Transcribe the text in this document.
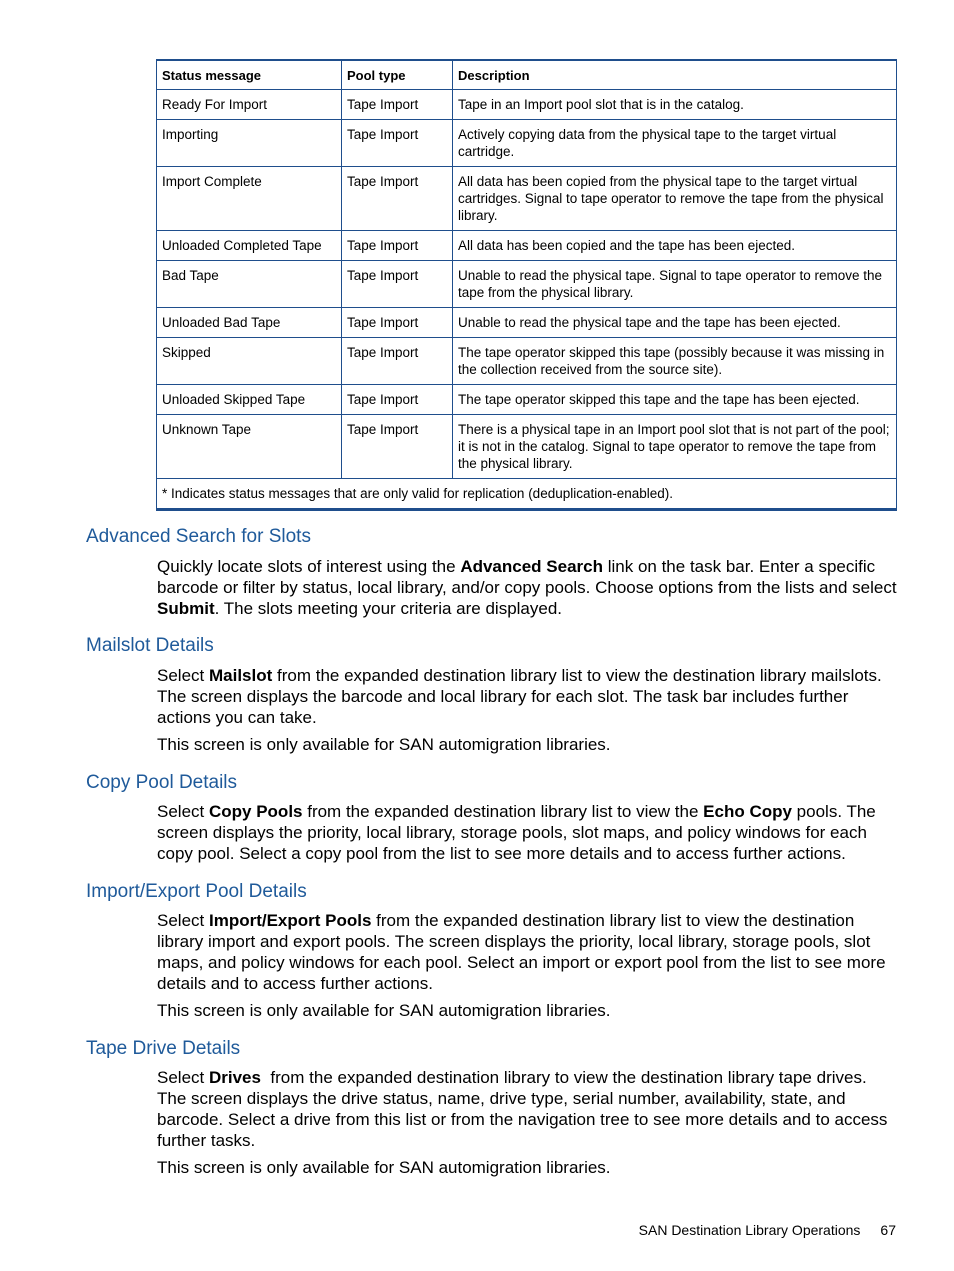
Status message	Pool type	Description
Ready For Import	Tape Import	Tape in an Import pool slot that is in the catalog.
Importing	Tape Import	Actively copying data from the physical tape to the target virtual cartridge.
Import Complete	Tape Import	All data has been copied from the physical tape to the target virtual cartridges. Signal to tape operator to remove the tape from the physical library.
Unloaded Completed Tape	Tape Import	All data has been copied and the tape has been ejected.
Bad Tape	Tape Import	Unable to read the physical tape. Signal to tape operator to remove the tape from the physical library.
Unloaded Bad Tape	Tape Import	Unable to read the physical tape and the tape has been ejected.
Skipped	Tape Import	The tape operator skipped this tape (possibly because it was missing in the collection received from the source site).
Unloaded Skipped Tape	Tape Import	The tape operator skipped this tape and the tape has been ejected.
Unknown Tape	Tape Import	There is a physical tape in an Import pool slot that is not part of the pool; it is not in the catalog. Signal to tape operator to remove the tape from the physical library.
* Indicates status messages that are only valid for replication (deduplication-enabled).		
Advanced Search for Slots

Quickly locate slots of interest using the Advanced Search link on the task bar. Enter a specific barcode or filter by status, local library, and/or copy pools. Choose options from the lists and select Submit. The slots meeting your criteria are displayed.

Mailslot Details

Select Mailslot from the expanded destination library list to view the destination library mailslots. The screen displays the barcode and local library for each slot. The task bar includes further actions you can take.

This screen is only available for SAN automigration libraries.

Copy Pool Details

Select Copy Pools from the expanded destination library list to view the Echo Copy pools. The screen displays the priority, local library, storage pools, slot maps, and policy windows for each copy pool. Select a copy pool from the list to see more details and to access further actions.

Import/Export Pool Details

Select Import/Export Pools from the expanded destination library list to view the destination library import and export pools. The screen displays the priority, local library, storage pools, slot maps, and policy windows for each pool. Select an import or export pool from the list to see more details and to access further actions.

This screen is only available for SAN automigration libraries.

Tape Drive Details

Select Drives  from the expanded destination library to view the destination library tape drives. The screen displays the drive status, name, drive type, serial number, availability, state, and barcode. Select a drive from this list or from the navigation tree to see more details and to access further tasks.

This screen is only available for SAN automigration libraries.

SAN Destination Library Operations 67
